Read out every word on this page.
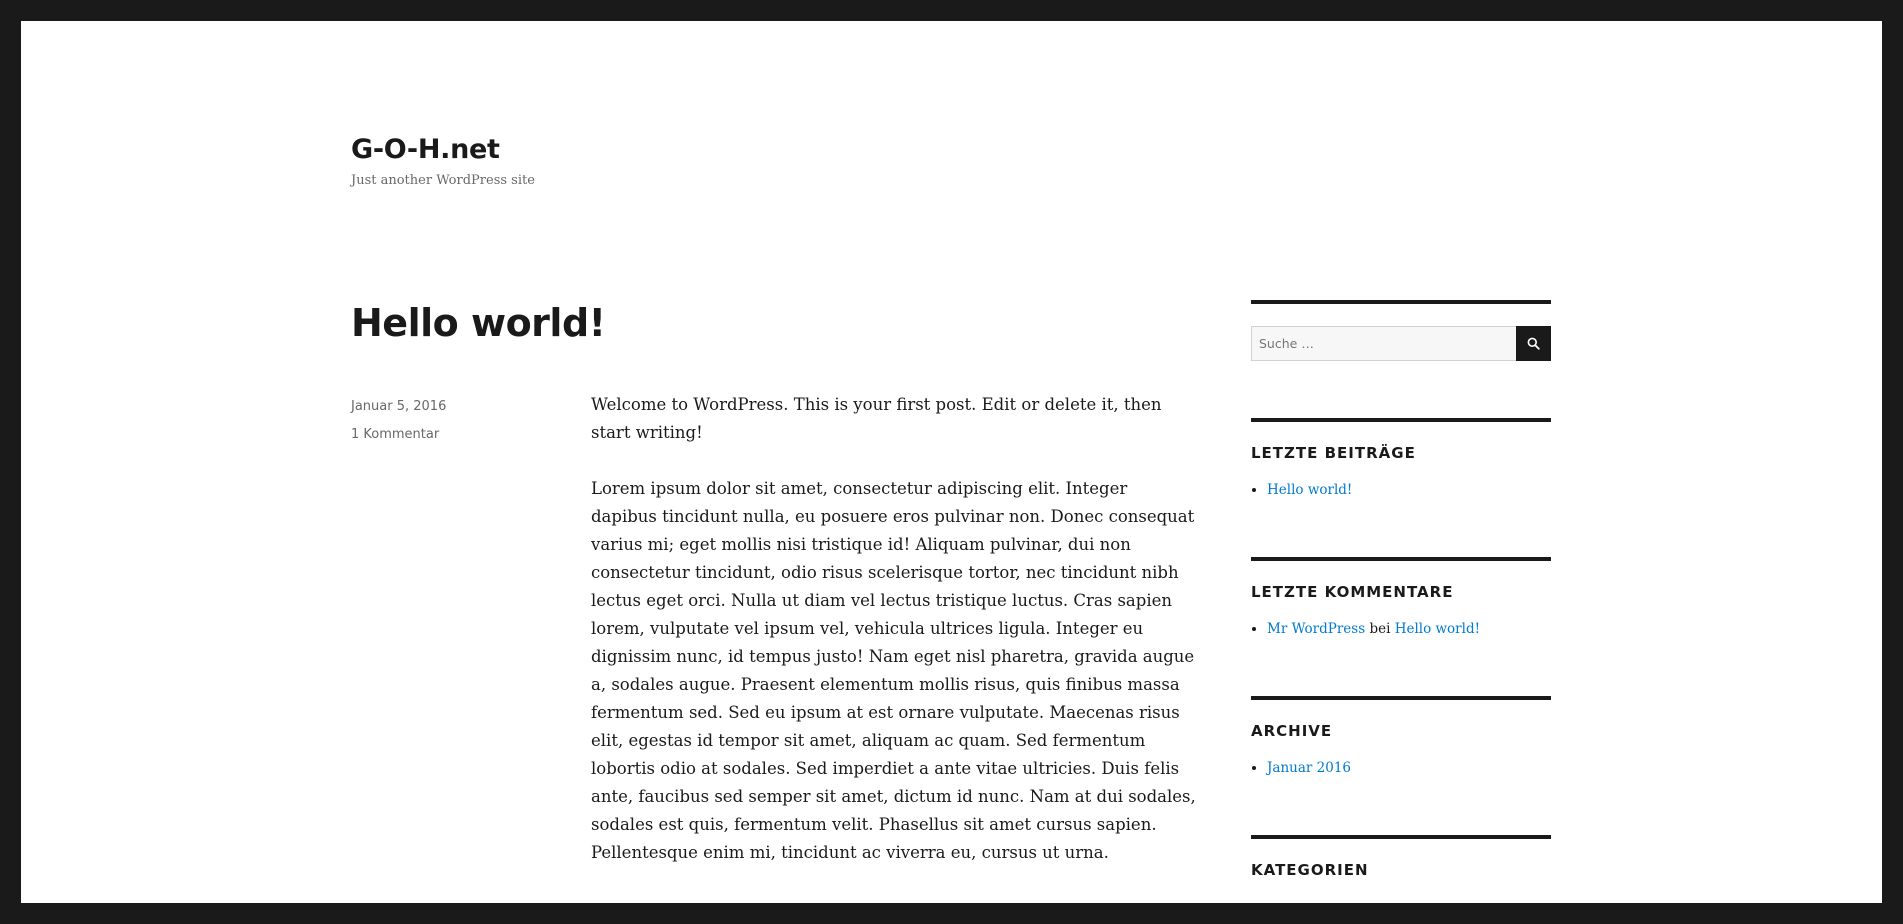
G-O-H.net
Just another WordPress site
Hello world!
Januar 5, 2016
1 Kommentar

Welcome to WordPress. This is your first post. Edit or delete it, then start writing!

Lorem ipsum dolor sit amet, consectetur adipiscing elit. Integer dapibus tincidunt nulla, eu posuere eros pulvinar non. Donec consequat varius mi; eget mollis nisi tristique id! Aliquam pulvinar, dui non consectetur tincidunt, odio risus scelerisque tortor, nec tincidunt nibh lectus eget orci. Nulla ut diam vel lectus tristique luctus. Cras sapien lorem, vulputate vel ipsum vel, vehicula ultrices ligula. Integer eu dignissim nunc, id tempus justo! Nam eget nisl pharetra, gravida augue a, sodales augue. Praesent elementum mollis risus, quis finibus massa fermentum sed. Sed eu ipsum at est ornare vulputate. Maecenas risus elit, egestas id tempor sit amet, aliquam ac quam. Sed fermentum lobortis odio at sodales. Sed imperdiet a ante vitae ultricies. Duis felis ante, faucibus sed semper sit amet, dictum id nunc. Nam at dui sodales, sodales est quis, fermentum velit. Phasellus sit amet cursus sapien. Pellentesque enim mi, tincidunt ac viverra eu, cursus ut urna.

Suche …
LETZTE BEITRÄGE
• Hello world!
LETZTE KOMMENTARE
• Mr WordPress bei Hello world!
ARCHIVE
• Januar 2016
KATEGORIEN
